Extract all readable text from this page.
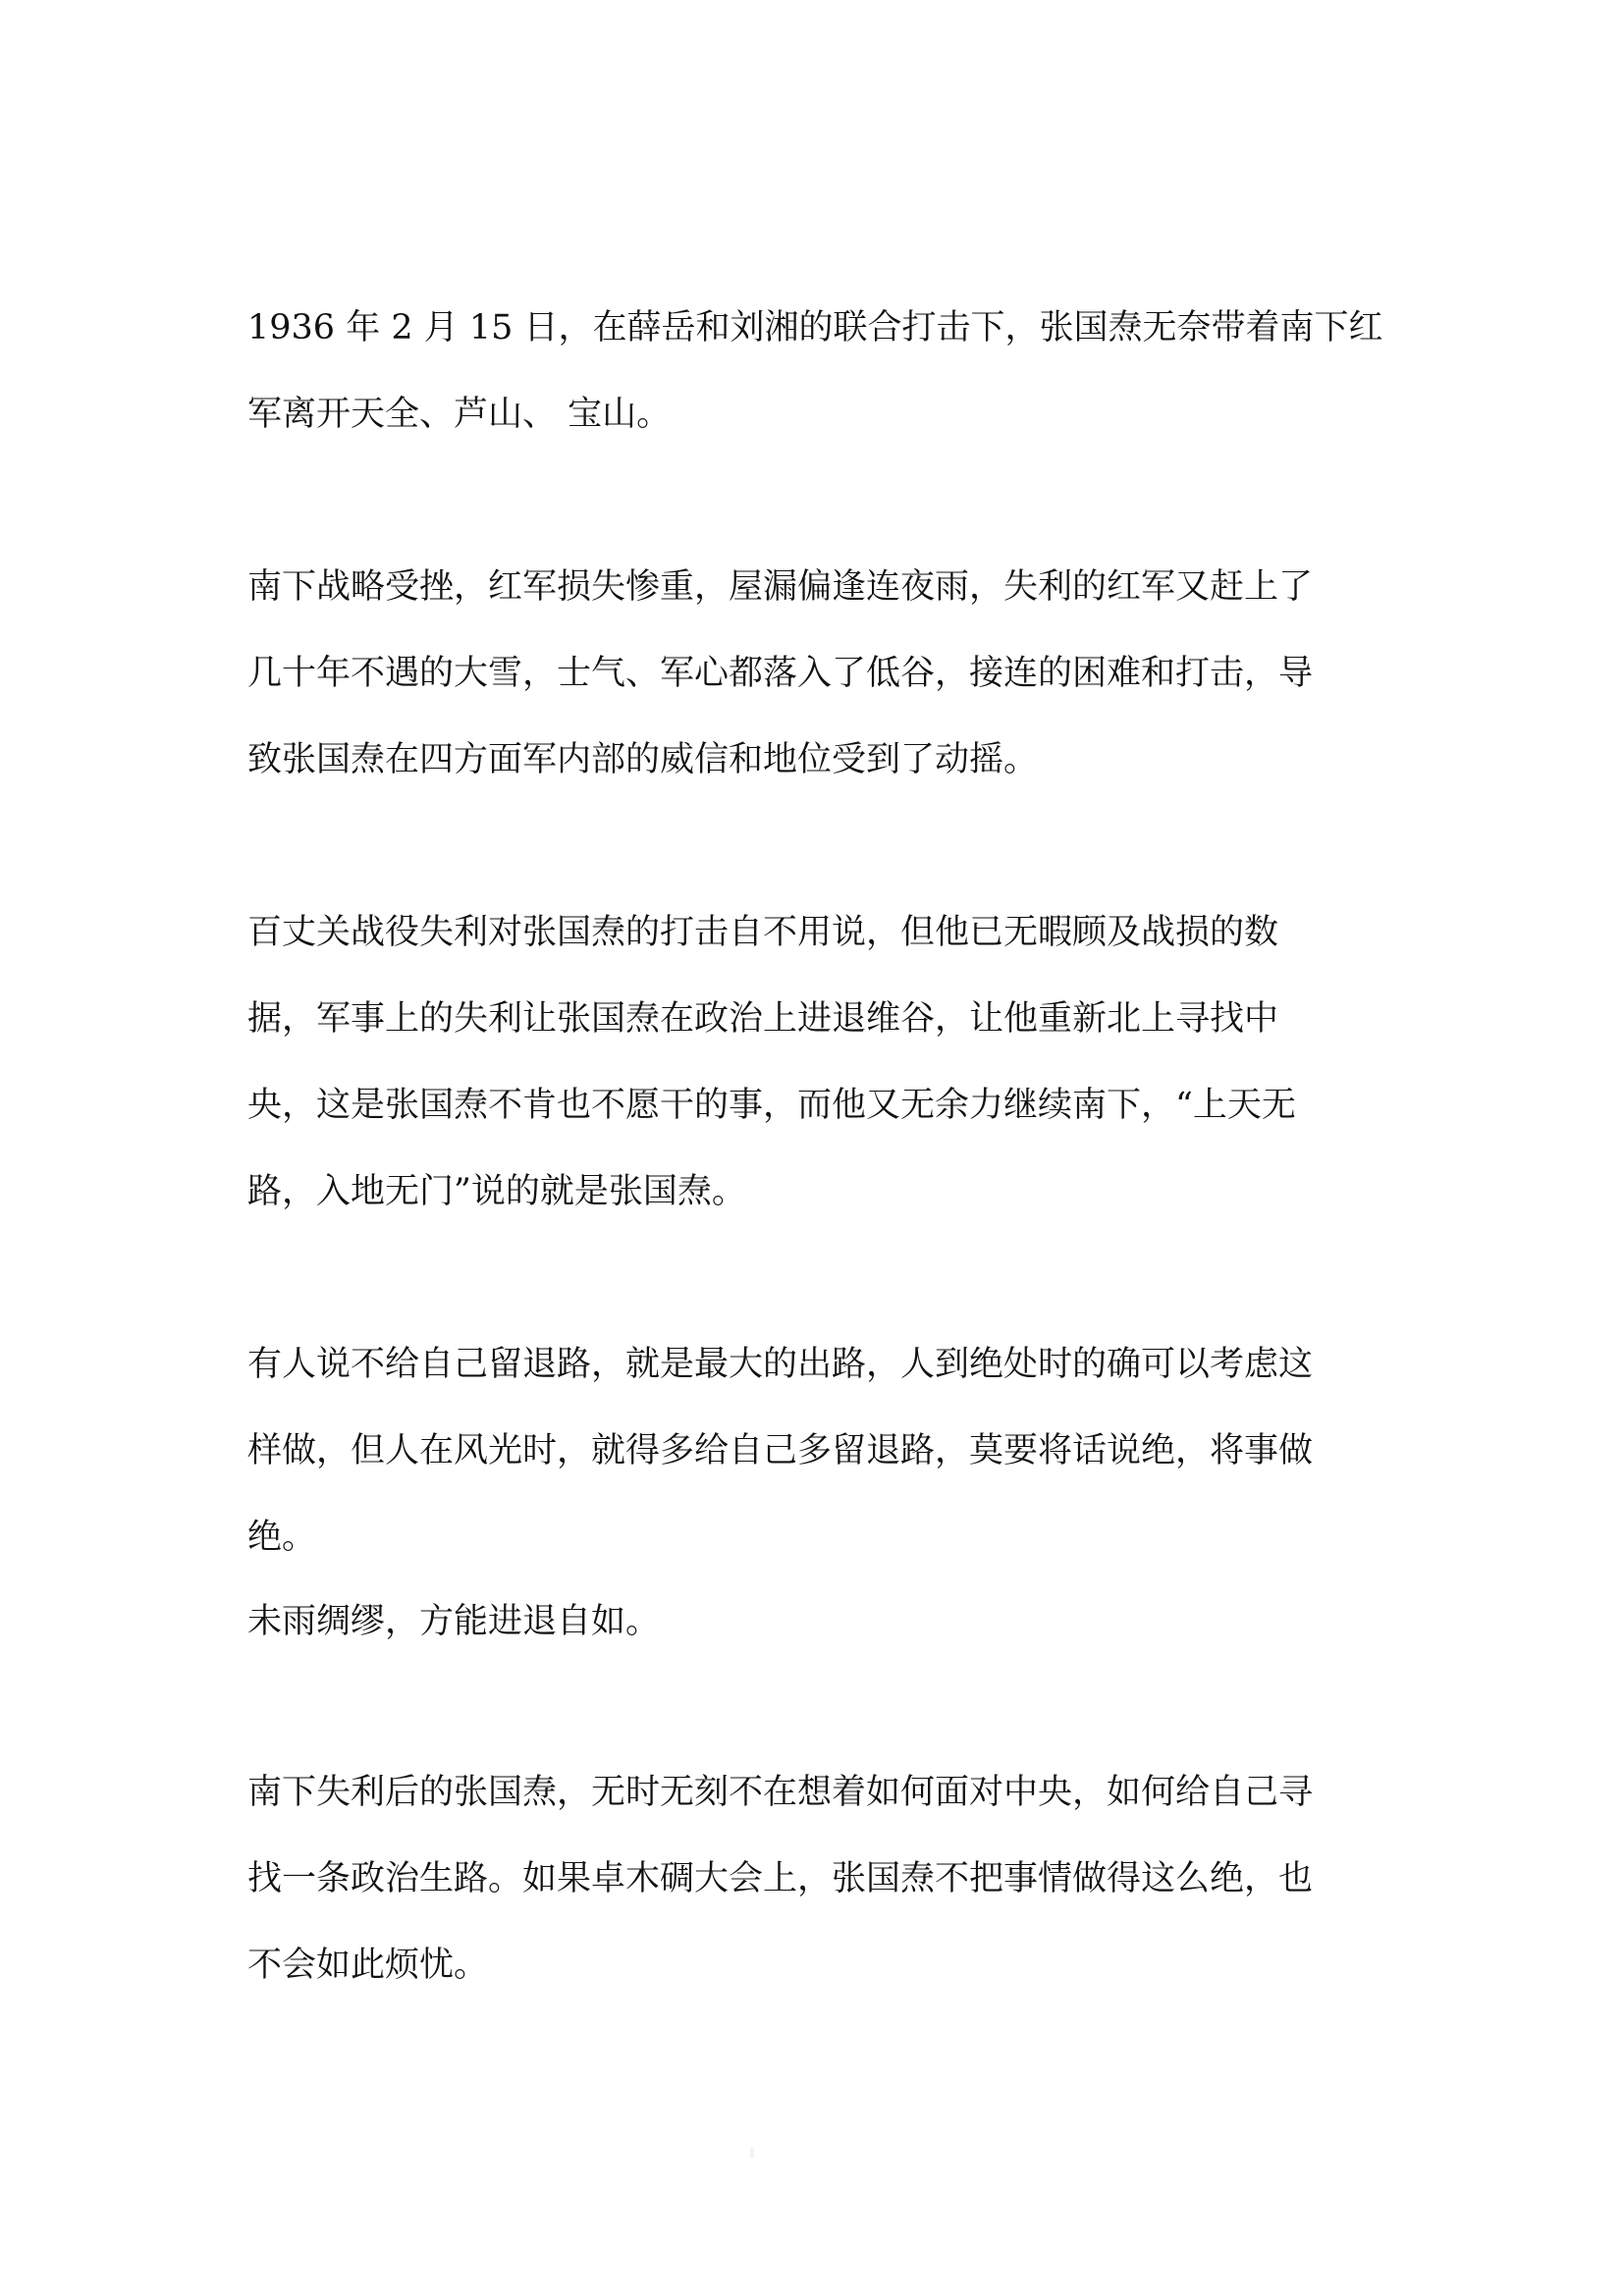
1936 年 2 月 15 日，在薛岳和刘湘的联合打击下，张国焘无奈带着南下红

军离开天全、芦山、 宝山。

南下战略受挫，红军损失惨重，屋漏偏逢连夜雨，失利的红军又赶上了

几十年不遇的大雪，士气、军心都落入了低谷，接连的困难和打击，导

致张国焘在四方面军内部的威信和地位受到了动摇。

百丈关战役失利对张国焘的打击自不用说，但他已无暇顾及战损的数

据，军事上的失利让张国焘在政治上进退维谷，让他重新北上寻找中

央，这是张国焘不肯也不愿干的事，而他又无余力继续南下，“上天无

路，入地无门”说的就是张国焘。

有人说不给自己留退路，就是最大的出路，人到绝处时的确可以考虑这

样做，但人在风光时，就得多给自己多留退路，莫要将话说绝，将事做

绝。

未雨绸缪，方能进退自如。

南下失利后的张国焘，无时无刻不在想着如何面对中央，如何给自己寻

找一条政治生路。如果卓木碉大会上，张国焘不把事情做得这么绝，也

不会如此烦忧。
